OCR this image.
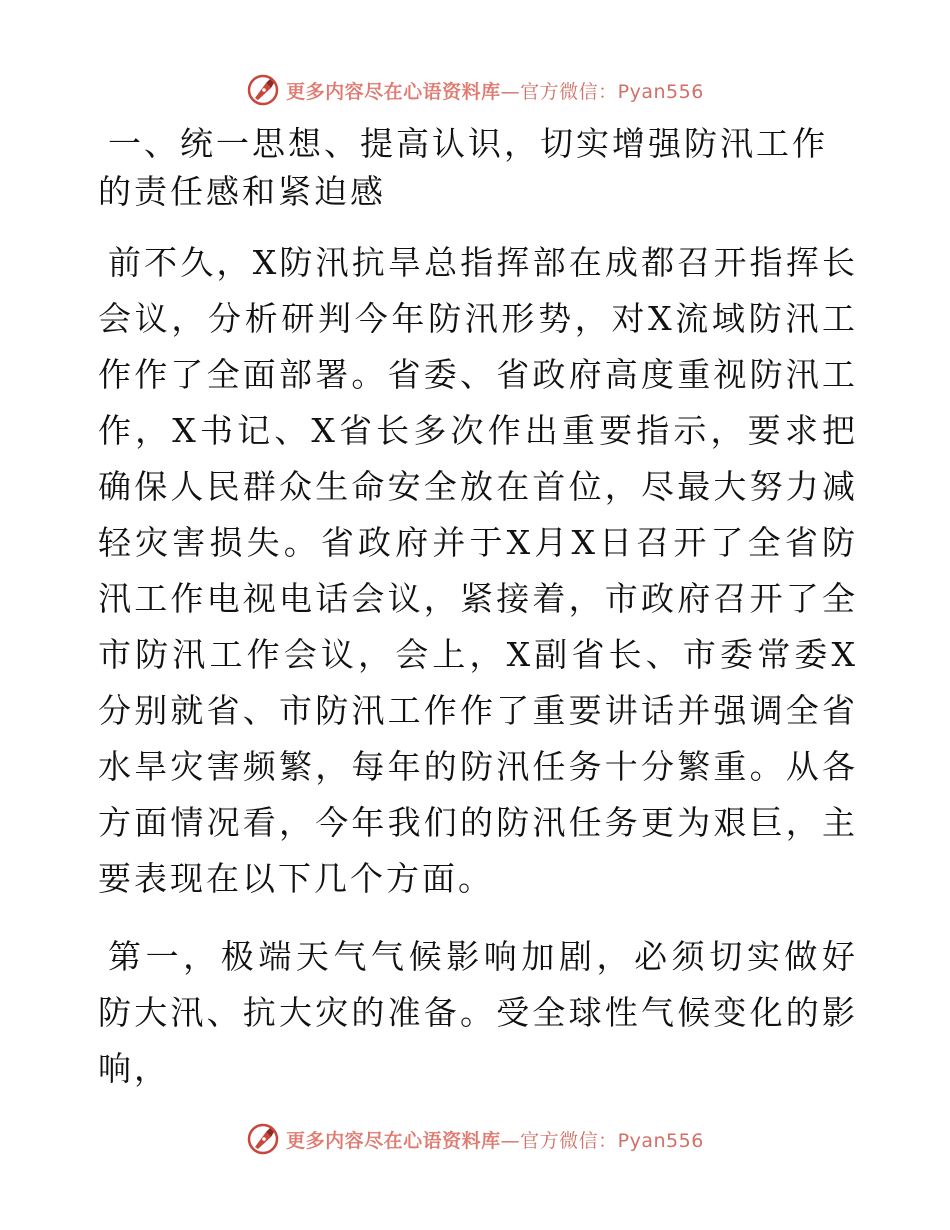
更多内容尽在心语资料库—官方微信：Pyan556
一、统一思想、提高认识，切实增强防汛工作的责任感和紧迫感

前不久，X防汛抗旱总指挥部在成都召开指挥长会议，分析研判今年防汛形势，对X流域防汛工作作了全面部署。省委、省政府高度重视防汛工作，X书记、X省长多次作出重要指示，要求把确保人民群众生命安全放在首位，尽最大努力减轻灾害损失。省政府并于X月X日召开了全省防汛工作电视电话会议，紧接着，市政府召开了全市防汛工作会议，会上，X副省长、市委常委X分别就省、市防汛工作作了重要讲话并强调全省水旱灾害频繁，每年的防汛任务十分繁重。从各方面情况看，今年我们的防汛任务更为艰巨，主要表现在以下几个方面。

第一，极端天气气候影响加剧，必须切实做好防大汛、抗大灾的准备。受全球性气候变化的影响，

更多内容尽在心语资料库—官方微信：Pyan556
